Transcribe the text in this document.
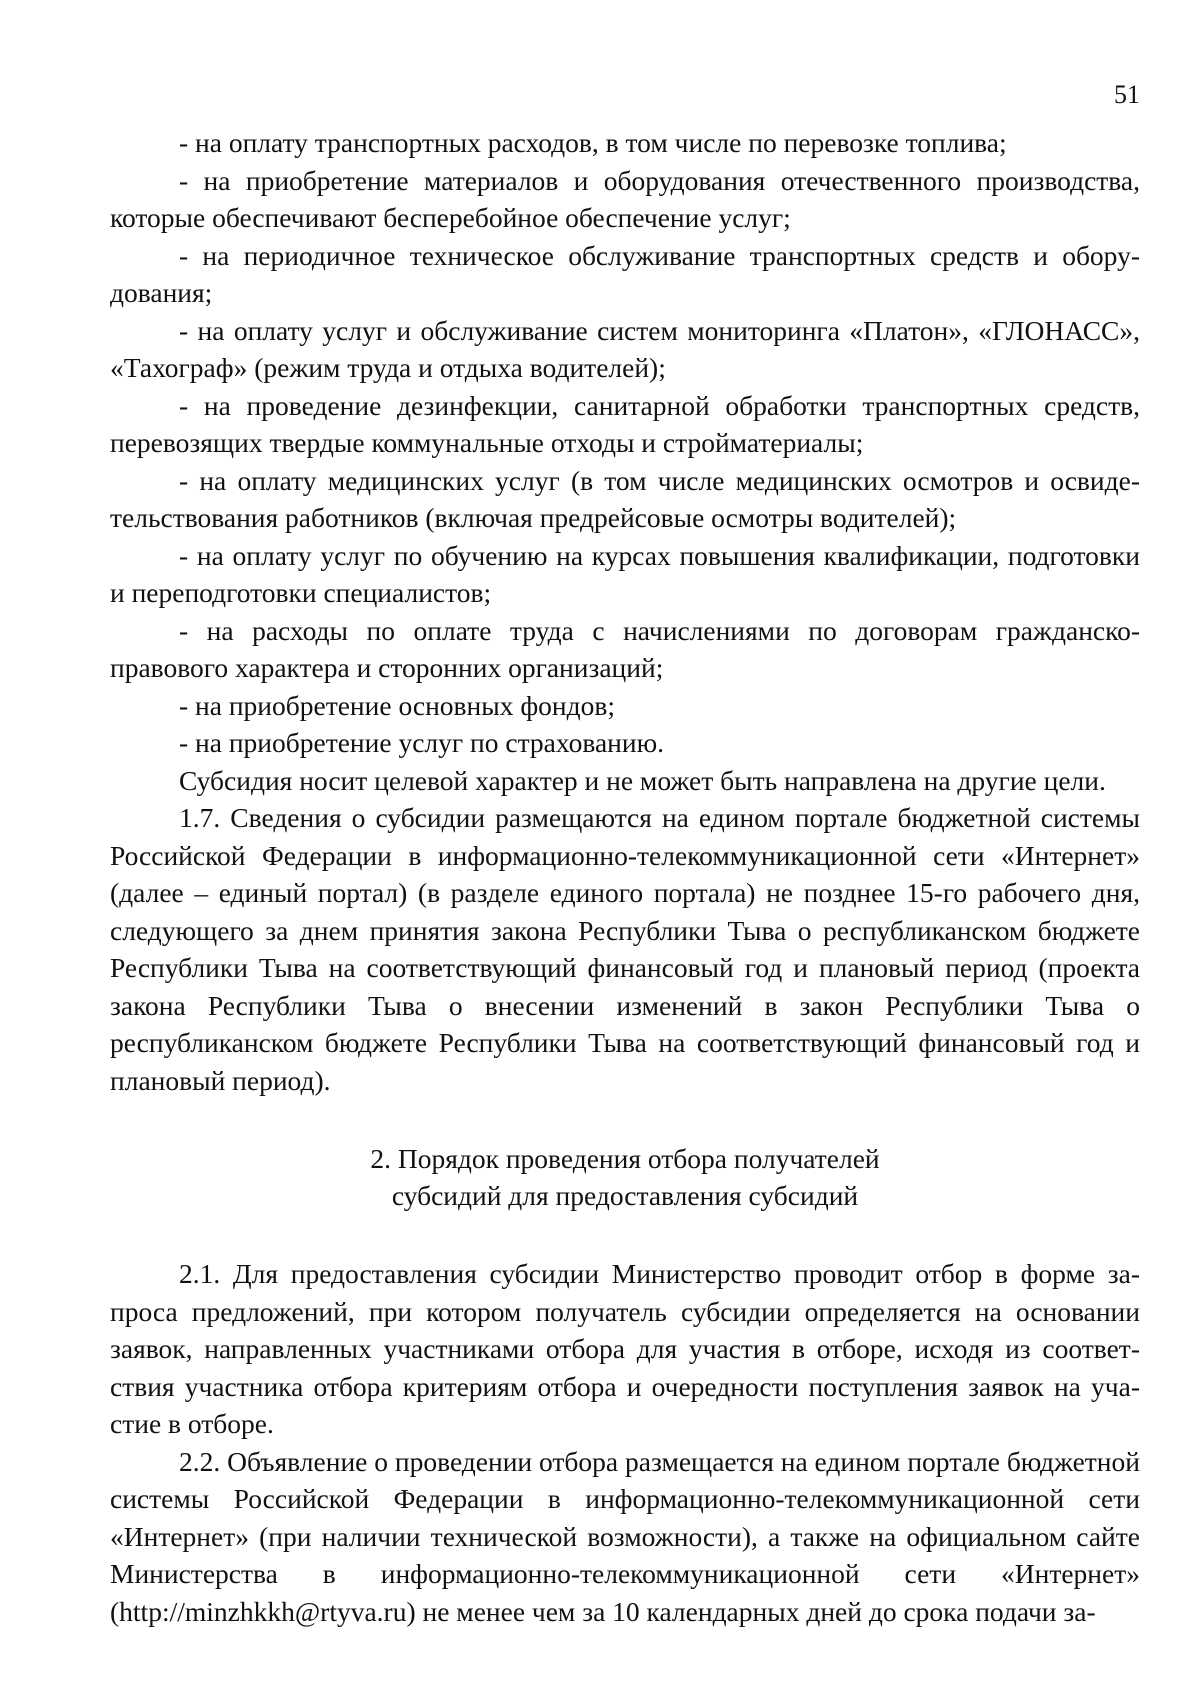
51

- на оплату транспортных расходов, в том числе по перевозке топлива;

- на приобретение материалов и оборудования отечественного производства, которые обеспечивают бесперебойное обеспечение услуг;

- на периодичное техническое обслуживание транспортных средств и оборудования;

- на оплату услуг и обслуживание систем мониторинга «Платон», «ГЛОНАСС», «Тахограф» (режим труда и отдыха водителей);

- на проведение дезинфекции, санитарной обработки транспортных средств, перевозящих твердые коммунальные отходы и стройматериалы;

- на оплату медицинских услуг (в том числе медицинских осмотров и освидетельствования работников (включая предрейсовые осмотры водителей);

- на оплату услуг по обучению на курсах повышения квалификации, подготовки и переподготовки специалистов;

- на расходы по оплате труда с начислениями по договорам гражданско-правового характера и сторонних организаций;

- на приобретение основных фондов;

- на приобретение услуг по страхованию.

Субсидия носит целевой характер и не может быть направлена на другие цели.

1.7. Сведения о субсидии размещаются на едином портале бюджетной системы Российской Федерации в информационно-телекоммуникационной сети «Интернет» (далее – единый портал) (в разделе единого портала) не позднее 15-го рабочего дня, следующего за днем принятия закона Республики Тыва о республиканском бюджете Республики Тыва на соответствующий финансовый год и плановый период (проекта закона Республики Тыва о внесении изменений в закон Республики Тыва о республиканском бюджете Республики Тыва на соответствующий финансовый год и плановый период).

2. Порядок проведения отбора получателей
субсидий для предоставления субсидий

2.1. Для предоставления субсидии Министерство проводит отбор в форме запроса предложений, при котором получатель субсидии определяется на основании заявок, направленных участниками отбора для участия в отборе, исходя из соответствия участника отбора критериям отбора и очередности поступления заявок на участие в отборе.

2.2. Объявление о проведении отбора размещается на едином портале бюджетной системы Российской Федерации в информационно-телекоммуникационной сети «Интернет» (при наличии технической возможности), а также на официальном сайте Министерства в информационно-телекоммуникационной сети «Интернет» (http://minzhkkh@rtyva.ru) не менее чем за 10 календарных дней до срока подачи за-
